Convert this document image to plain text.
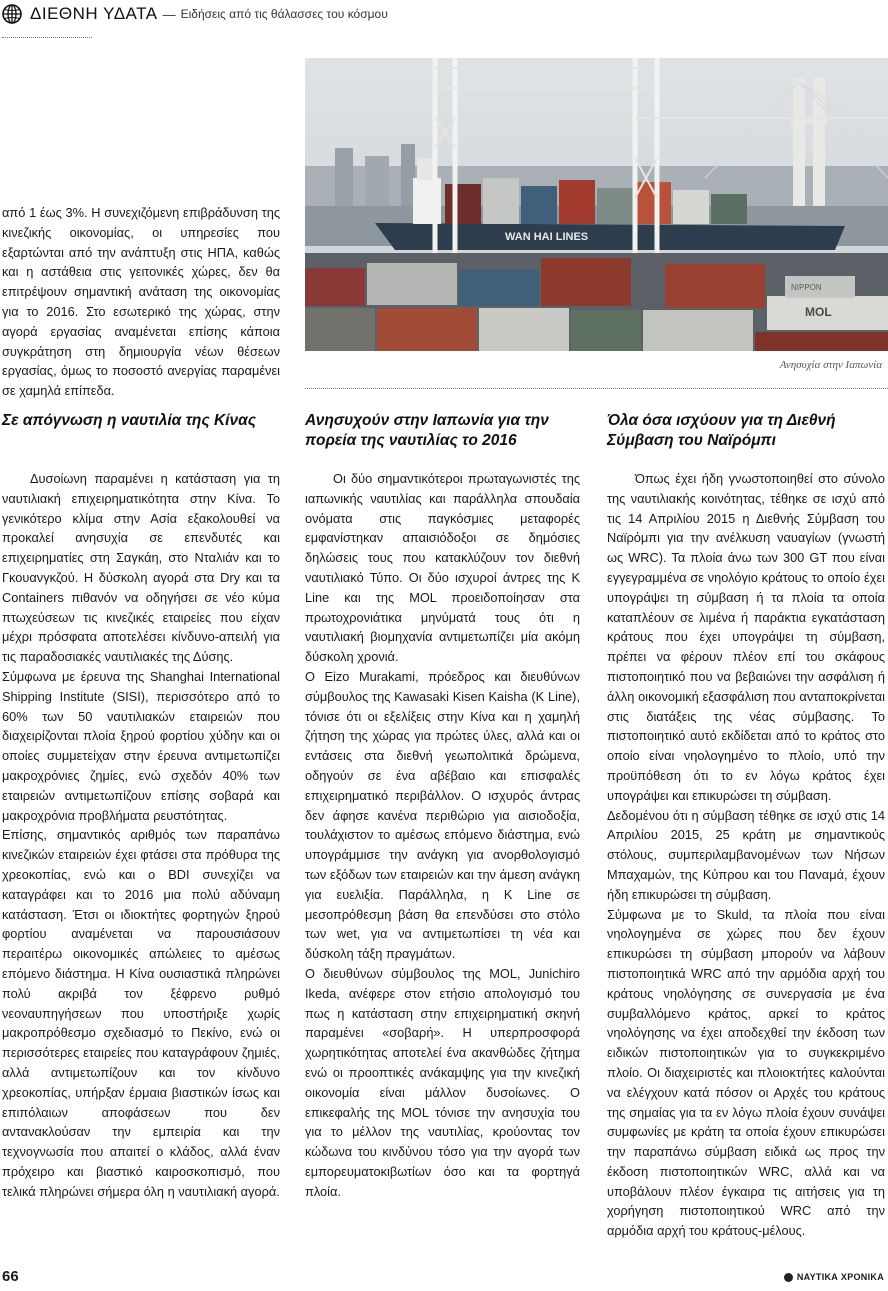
ΔΙΕΘΝΗ ΥΔΑΤΑ — Ειδήσεις από τις θάλασσες του κόσμου
WAN HAI LINES
MOL
NIPPON
Ανησυχία στην Ιαπωνία

από 1 έως 3%. Η συνεχιζόμενη επιβράδυνση της κινεζικής οικονομίας, οι υπηρεσίες που εξαρτώνται από την ανάπτυξη στις ΗΠΑ, καθώς και η αστάθεια στις γειτονικές χώρες, δεν θα επιτρέψουν σημαντική ανάταση της οικονομίας για το 2016. Στο εσωτερικό της χώρας, στην αγορά εργασίας αναμένεται επίσης κάποια συγκράτηση στη δημιουργία νέων θέσεων εργασίας, όμως το ποσοστό ανεργίας παραμένει σε χαμηλά επίπεδα.

Σε απόγνωση η ναυτιλία της Κίνας

Δυσοίωνη παραμένει η κατάσταση για τη ναυτιλιακή επιχειρηματικότητα στην Κίνα. Το γενικότερο κλίμα στην Ασία εξακολουθεί να προκαλεί ανησυχία σε επενδυτές και επιχειρηματίες στη Σαγκάη, στο Νταλιάν και το Γκουανγκζού. Η δύσκολη αγορά στα Dry και τα Containers πιθανόν να οδηγήσει σε νέο κύμα πτωχεύσεων τις κινεζικές εταιρείες που είχαν μέχρι πρόσφατα αποτελέσει κίνδυνο-απειλή για τις παραδοσιακές ναυτιλιακές της Δύσης.

Σύμφωνα με έρευνα της Shanghai International Shipping Institute (SISI), περισσότερο από το 60% των 50 ναυτιλιακών εταιρειών που διαχειρίζονται πλοία ξηρού φορτίου χύδην και οι οποίες συμμετείχαν στην έρευνα αντιμετωπίζει μακροχρόνιες ζημίες, ενώ σχεδόν 40% των εταιρειών αντιμετωπίζουν επίσης σοβαρά και μακροχρόνια προβλήματα ρευστότητας.

Επίσης, σημαντικός αριθμός των παραπάνω κινεζικών εταιρειών έχει φτάσει στα πρόθυρα της χρεοκοπίας, ενώ και ο BDI συνεχίζει να καταγράφει και το 2016 μια πολύ αδύναμη κατάσταση. Έτσι οι ιδιοκτήτες φορτηγών ξηρού φορτίου αναμένεται να παρουσιάσουν περαιτέρω οικονομικές απώλειες το αμέσως επόμενο διάστημα. Η Κίνα ουσιαστικά πληρώνει πολύ ακριβά τον ξέφρενο ρυθμό νεοναυπηγήσεων που υποστήριξε χωρίς μακροπρόθεσμο σχεδιασμό το Πεκίνο, ενώ οι περισσότερες εταιρείες που καταγράφουν ζημιές, αλλά αντιμετωπίζουν και τον κίνδυνο χρεοκοπίας, υπήρξαν έρμαια βιαστικών ίσως και επιπόλαιων αποφάσεων που δεν αντανακλούσαν την εμπειρία και την τεχνογνωσία που απαιτεί ο κλάδος, αλλά έναν πρόχειρο και βιαστικό καιροσκοπισμό, που τελικά πληρώνει σήμερα όλη η ναυτιλιακή αγορά.

Ανησυχούν στην Ιαπωνία για την πορεία της ναυτιλίας το 2016

Οι δύο σημαντικότεροι πρωταγωνιστές της ιαπωνικής ναυτιλίας και παράλληλα σπουδαία ονόματα στις παγκόσμιες μεταφορές εμφανίστηκαν απαισιόδοξοι σε δημόσιες δηλώσεις τους που κατακλύζουν τον διεθνή ναυτιλιακό Τύπο. Οι δύο ισχυροί άντρες της K Line και της MOL προειδοποίησαν στα πρωτοχρονιάτικα μηνύματά τους ότι η ναυτιλιακή βιομηχανία αντιμετωπίζει μία ακόμη δύσκολη χρονιά.

Ο Eizo Murakami, πρόεδρος και διευθύνων σύμβουλος της Kawasaki Kisen Kaisha (K Line), τόνισε ότι οι εξελίξεις στην Κίνα και η χαμηλή ζήτηση της χώρας για πρώτες ύλες, αλλά και οι εντάσεις στα διεθνή γεωπολιτικά δρώμενα, οδηγούν σε ένα αβέβαιο και επισφαλές επιχειρηματικό περιβάλλον. Ο ισχυρός άντρας δεν άφησε κανένα περιθώριο για αισιοδοξία, τουλάχιστον το αμέσως επόμενο διάστημα, ενώ υπογράμμισε την ανάγκη για ανορθολογισμό των εξόδων των εταιρειών και την άμεση ανάγκη για ευελιξία. Παράλληλα, η K Line σε μεσοπρόθεσμη βάση θα επενδύσει στο στόλο των wet, για να αντιμετωπίσει τη νέα και δύσκολη τάξη πραγμάτων.

Ο διευθύνων σύμβουλος της MOL, Junichiro Ikeda, ανέφερε στον ετήσιο απολογισμό του πως η κατάσταση στην επιχειρηματική σκηνή παραμένει «σοβαρή». Η υπερπροσφορά χωρητικότητας αποτελεί ένα ακανθώδες ζήτημα ενώ οι προοπτικές ανάκαμψης για την κινεζική οικονομία είναι μάλλον δυσοίωνες. Ο επικεφαλής της MOL τόνισε την ανησυχία του για το μέλλον της ναυτιλίας, κρούοντας τον κώδωνα του κινδύνου τόσο για την αγορά των εμπορευματοκιβωτίων όσο και τα φορτηγά πλοία.

Όλα όσα ισχύουν για τη Διεθνή Σύμβαση του Ναϊρόμπι

Όπως έχει ήδη γνωστοποιηθεί στο σύνολο της ναυτιλιακής κοινότητας, τέθηκε σε ισχύ από τις 14 Απριλίου 2015 η Διεθνής Σύμβαση του Ναϊρόμπι για την ανέλκυση ναυαγίων (γνωστή ως WRC). Τα πλοία άνω των 300 GT που είναι εγγεγραμμένα σε νηολόγιο κράτους το οποίο έχει υπογράψει τη σύμβαση ή τα πλοία τα οποία καταπλέουν σε λιμένα ή παράκτια εγκατάσταση κράτους που έχει υπογράψει τη σύμβαση, πρέπει να φέρουν πλέον επί του σκάφους πιστοποιητικό που να βεβαιώνει την ασφάλιση ή άλλη οικονομική εξασφάλιση που ανταποκρίνεται στις διατάξεις της νέας σύμβασης. Το πιστοποιητικό αυτό εκδίδεται από το κράτος στο οποίο είναι νηολογημένο το πλοίο, υπό την προϋπόθεση ότι το εν λόγω κράτος έχει υπογράψει και επικυρώσει τη σύμβαση.

Δεδομένου ότι η σύμβαση τέθηκε σε ισχύ στις 14 Απριλίου 2015, 25 κράτη με σημαντικούς στόλους, συμπεριλαμβανομένων των Νήσων Μπαχαμών, της Κύπρου και του Παναμά, έχουν ήδη επικυρώσει τη σύμβαση.

Σύμφωνα με το Skuld, τα πλοία που είναι νηολογημένα σε χώρες που δεν έχουν επικυρώσει τη σύμβαση μπορούν να λάβουν πιστοποιητικά WRC από την αρμόδια αρχή του κράτους νηολόγησης σε συνεργασία με ένα συμβαλλόμενο κράτος, αρκεί το κράτος νηολόγησης να έχει αποδεχθεί την έκδοση των ειδικών πιστοποιητικών για το συγκεκριμένο πλοίο. Οι διαχειριστές και πλοιοκτήτες καλούνται να ελέγχουν κατά πόσον οι Αρχές του κράτους της σημαίας για τα εν λόγω πλοία έχουν συνάψει συμφωνίες με κράτη τα οποία έχουν επικυρώσει την παραπάνω σύμβαση ειδικά ως προς την έκδοση πιστοποιητικών WRC, αλλά και να υποβάλουν πλέον έγκαιρα τις αιτήσεις για τη χορήγηση πιστοποιητικού WRC από την αρμόδια αρχή του κράτους-μέλους.

66	ΝΑΥΤΙΚΑ ΧΡΟΝΙΚΑ
